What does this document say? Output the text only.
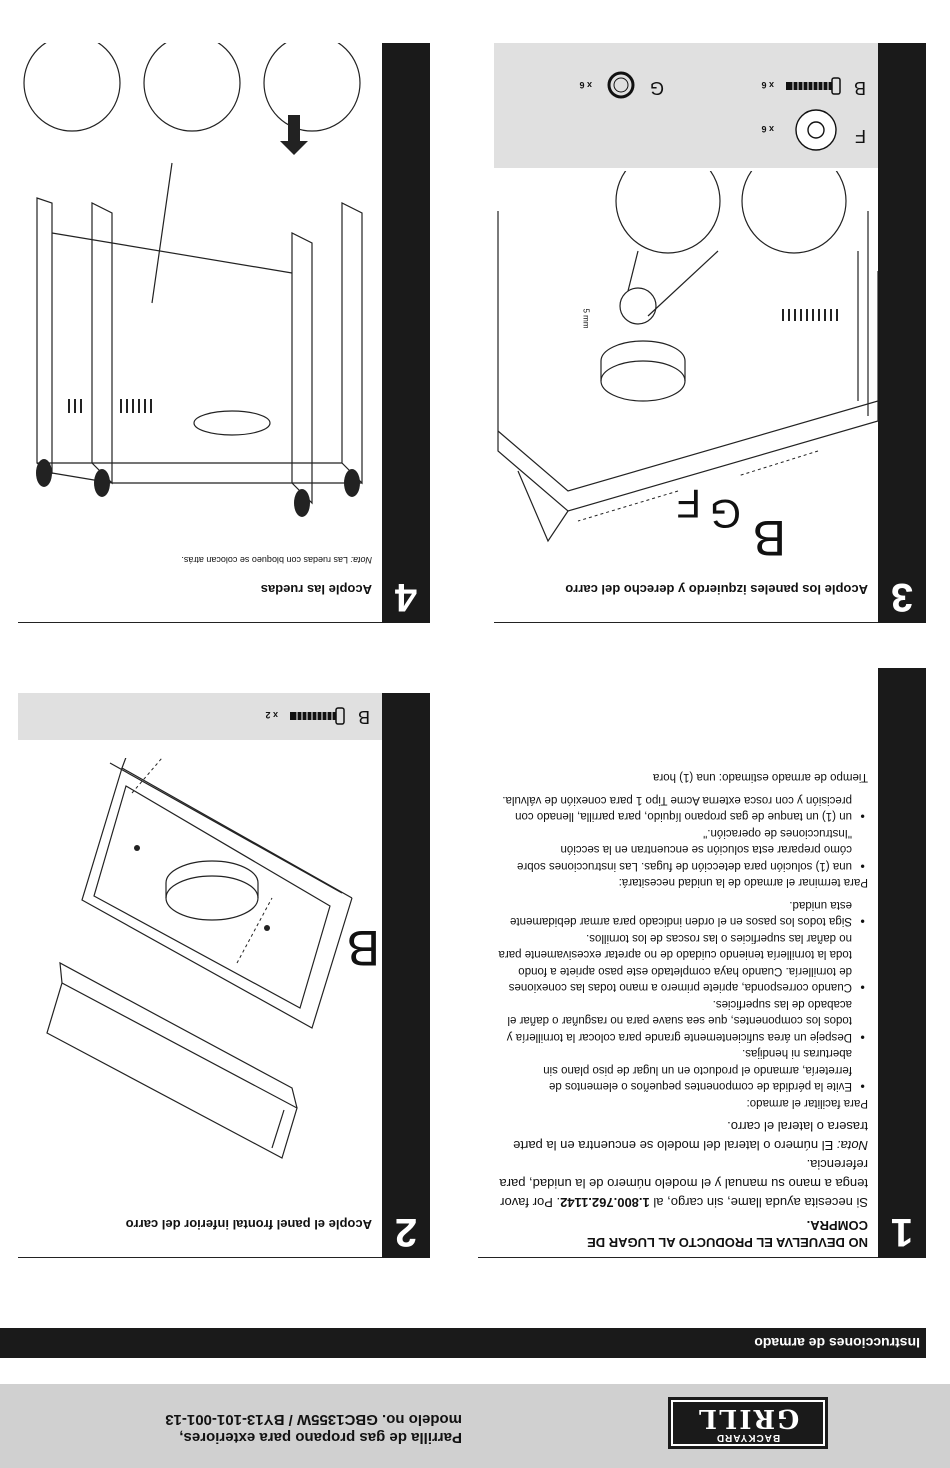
BACKYARD
GRILL
Parrilla de gas propano para exteriores,
modelo no. GBC1355W / BY13-101-001-13
Instrucciones de armado
1
NO DEVUELVA EL PRODUCTO AL LUGAR DE
COMPRA.

Si necesita ayuda llame, sin cargo, al 1.800.762.1142. Por favor tenga a mano su manual y el modelo número de la unidad, para referencia.

Nota: El número o lateral del modelo se encuentra en la parte trasera o lateral el carro.

Para facilitar el armado:

● Evite la pérdida de componentes pequeños o elementos de ferretería, armando el producto en un lugar de piso plano sin aberturas ni hendijas.

● Despeje un área suficientemente grande para colocar la tornillería y todos los componentes, que sea suave para no rasguñar o dañar el acabado de las superficies.

● Cuando corresponda, apriete primero a mano todas las conexiones de tornillería. Cuando haya completado este paso apriete a fondo toda la tornillería teniendo cuidado de no apretar excesivamente para no dañar las superficies o las roscas de los tornillos.

● Siga todos los pasos en el orden indicado para armar debidamente esta unidad.

Para terminar el armado de la unidad necesitará:

● una (1) solución para detección de fugas. Las instrucciones sobre cómo preparar esta solución se encuentran en la sección "Instrucciones de operación."

● un (1) un tanque de gas propano líquido, para parrilla, llenado con precisión y con rosca externa Acme Tipo 1 para conexión de válvula.

Tiempo de armado estimado: una (1) hora

2
Acople el panel frontal inferior del carro
B
x 2
B
3
Acople los paneles izquierdo y derecho del carro
B
x 6
F
x 6
G
x 6
5 mm
B
G
F
4
Acople las ruedas
Nota: Las ruedas con bloqueo se colocan atrás.
